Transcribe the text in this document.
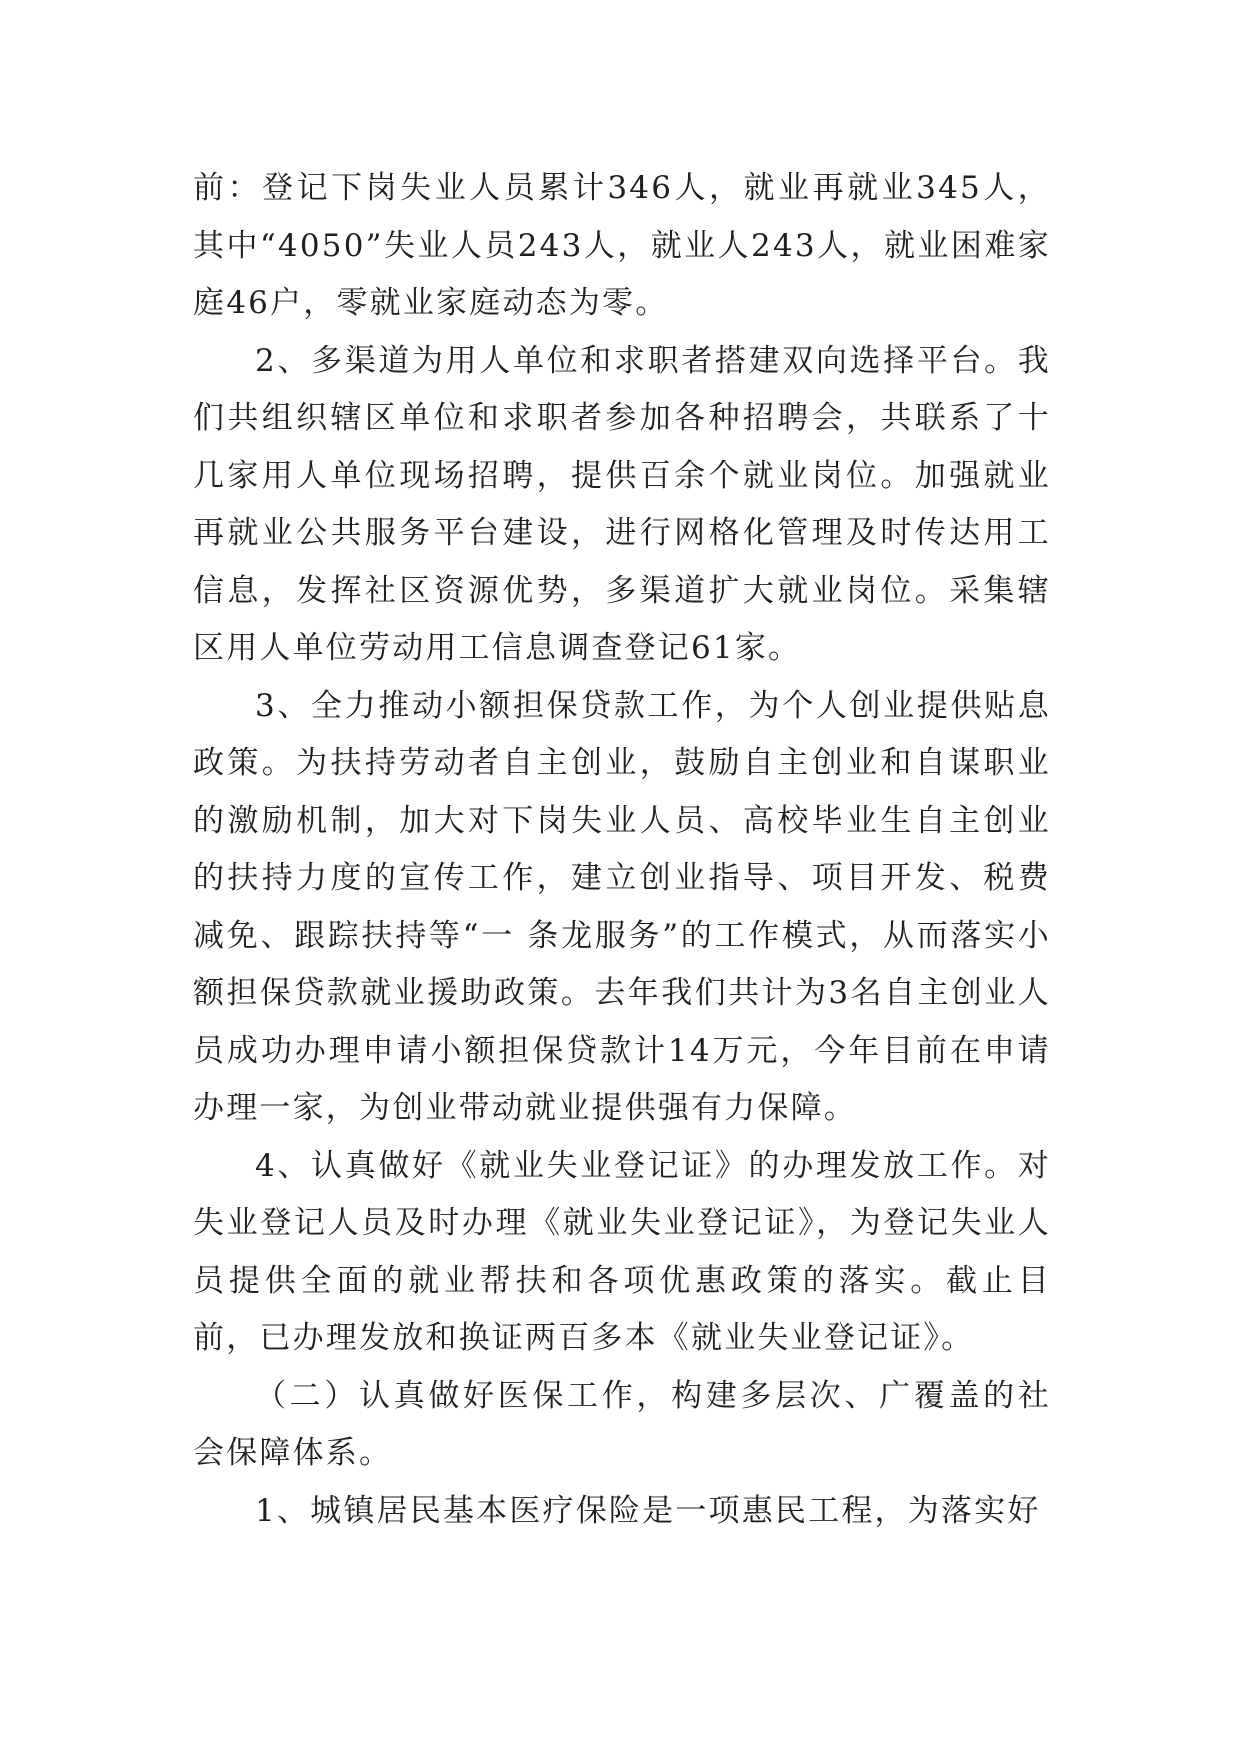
前：登记下岗失业人员累计346人，就业再就业345人，其中“4050”失业人员243人，就业人243人，就业困难家庭46户，零就业家庭动态为零。

2、多渠道为用人单位和求职者搭建双向选择平台。我们共组织辖区单位和求职者参加各种招聘会，共联系了十几家用人单位现场招聘，提供百余个就业岗位。加强就业再就业公共服务平台建设，进行网格化管理及时传达用工信息，发挥社区资源优势，多渠道扩大就业岗位。采集辖区用人单位劳动用工信息调查登记61家。

3、全力推动小额担保贷款工作，为个人创业提供贴息政策。为扶持劳动者自主创业，鼓励自主创业和自谋职业的激励机制，加大对下岗失业人员、高校毕业生自主创业的扶持力度的宣传工作，建立创业指导、项目开发、税费减免、跟踪扶持等“一 条龙服务”的工作模式，从而落实小额担保贷款就业援助政策。去年我们共计为3名自主创业人员成功办理申请小额担保贷款计14万元，今年目前在申请办理一家，为创业带动就业提供强有力保障。

4、认真做好《就业失业登记证》的办理发放工作。对失业登记人员及时办理《就业失业登记证》，为登记失业人员提供全面的就业帮扶和各项优惠政策的落实。截止目前，已办理发放和换证两百多本《就业失业登记证》。

（二）认真做好医保工作，构建多层次、广覆盖的社会保障体系。

1、城镇居民基本医疗保险是一项惠民工程，为落实好
